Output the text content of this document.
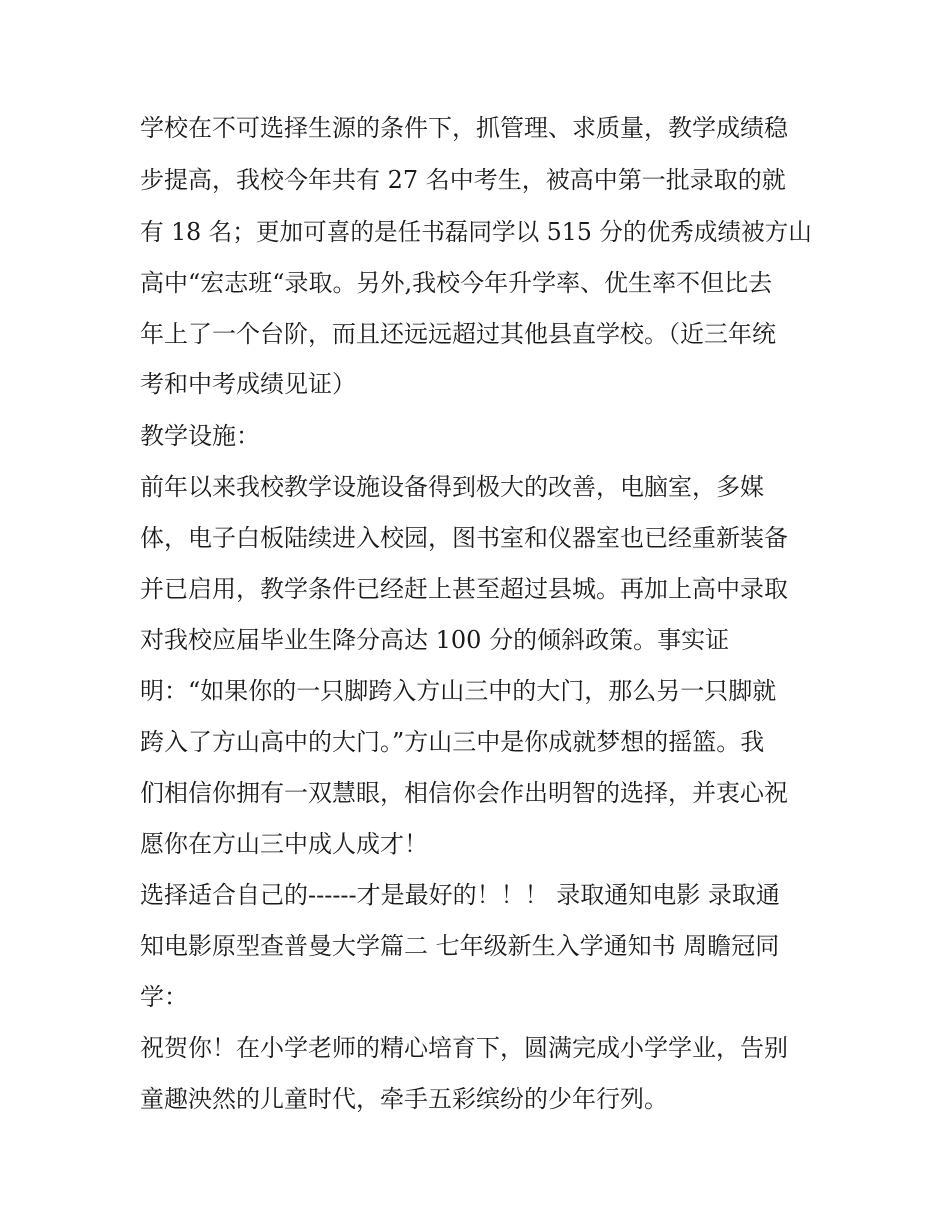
学校在不可选择生源的条件下，抓管理、求质量，教学成绩稳
步提高，我校今年共有 27 名中考生，被高中第一批录取的就
有 18 名；更加可喜的是任书磊同学以 515 分的优秀成绩被方山
高中“宏志班“录取。另外,我校今年升学率、优生率不但比去
年上了一个台阶，而且还远远超过其他县直学校。（近三年统
考和中考成绩见证）
教学设施：
前年以来我校教学设施设备得到极大的改善，电脑室，多媒
体，电子白板陆续进入校园，图书室和仪器室也已经重新装备
并已启用，教学条件已经赶上甚至超过县城。再加上高中录取
对我校应届毕业生降分高达 100 分的倾斜政策。事实证
明：“如果你的一只脚跨入方山三中的大门，那么另一只脚就
跨入了方山高中的大门。”方山三中是你成就梦想的摇篮。我
们相信你拥有一双慧眼，相信你会作出明智的选择，并衷心祝
愿你在方山三中成人成才！
选择适合自己的------才是最好的！！！ 录取通知电影 录取通
知电影原型查普曼大学篇二 七年级新生入学通知书 周瞻冠同
学：
祝贺你！在小学老师的精心培育下，圆满完成小学学业，告别
童趣泱然的儿童时代，牵手五彩缤纷的少年行列。
